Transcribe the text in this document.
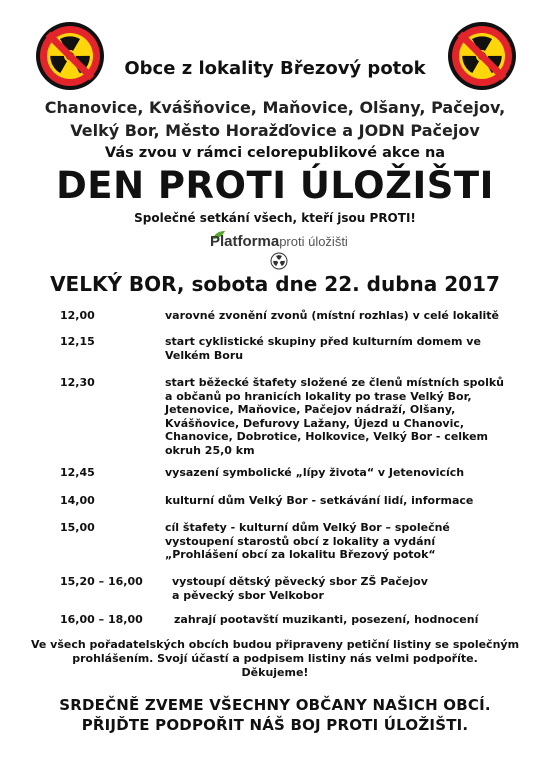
Obce z lokality Březový potok
Chanovice, Kvášňovice, Maňovice, Olšany, Pačejov,
Velký Bor, Město Horažďovice a JODN Pačejov
Vás zvou v rámci celorepublikové akce na
DEN PROTI ÚLOŽIŠTI
Společné setkání všech, kteří jsou PROTI!
Platformaproti úložišti
VELKÝ BOR, sobota dne 22. dubna 2017
12,00	varovné zvonění zvonů (místní rozhlas) v celé lokalitě
12,15	start cyklistické skupiny před kulturním domem ve
Velkém Boru
12,30	start běžecké štafety složené ze členů místních spolků
a občanů po hranicích lokality po trase Velký Bor,
Jetenovice, Maňovice, Pačejov nádraží, Olšany,
Kvášňovice, Defurovy Lažany, Újezd u Chanovic,
Chanovice, Dobrotice, Holkovice, Velký Bor - celkem
okruh 25,0 km
12,45	vysazení symbolické „lípy života“ v Jetenovicích
14,00	kulturní dům Velký Bor - setkávání lidí, informace
15,00	cíl štafety - kulturní dům Velký Bor – společné
vystoupení starostů obcí z lokality a vydání
„Prohlášení obcí za lokalitu Březový potok“
15,20 – 16,00	vystoupí dětský pěvecký sbor ZŠ Pačejov
a pěvecký sbor Velkobor
16,00 – 18,00	zahrají pootavští muzikanti, posezení, hodnocení
Ve všech pořadatelských obcích budou připraveny petiční listiny se společným
prohlášením. Svojí účastí a podpisem listiny nás velmi podpoříte.
Děkujeme!
SRDEČNĚ ZVEME VŠECHNY OBČANY NAŠICH OBCÍ.
PŘIJĎTE PODPOŘIT NÁŠ BOJ PROTI ÚLOŽIŠTI.
